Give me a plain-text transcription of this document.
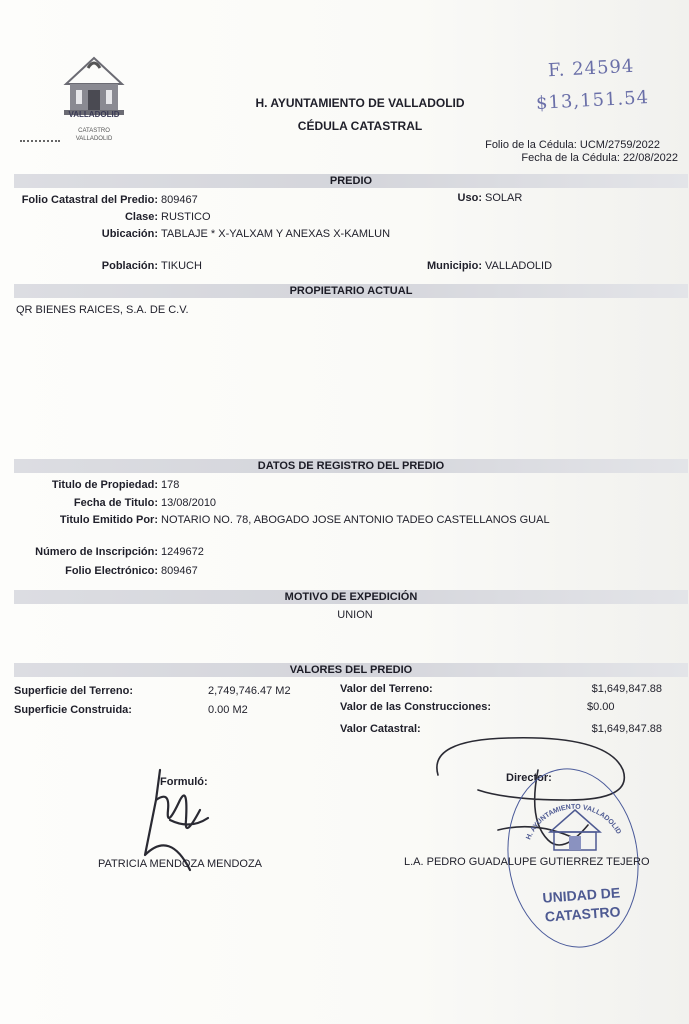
VALLADOLID
CATASTRO
VALLADOLID
H. AYUNTAMIENTO DE VALLADOLID
CÉDULA CATASTRAL
F. 24594
$13,151.54
Folio de la Cédula: UCM/2759/2022
Fecha de la Cédula: 22/08/2022
PREDIO
Folio Catastral del Predio: 809467	Uso: SOLAR
Clase: RUSTICO
Ubicación: TABLAJE * X-YALXAM Y ANEXAS X-KAMLUN
Población: TIKUCH	Municipio: VALLADOLID
PROPIETARIO ACTUAL
QR BIENES RAICES, S.A. DE C.V.
DATOS DE REGISTRO DEL PREDIO
Titulo de Propiedad: 178
Fecha de Titulo: 13/08/2010
Titulo Emitido Por: NOTARIO NO. 78, ABOGADO JOSE ANTONIO TADEO CASTELLANOS GUAL
Número de Inscripción: 1249672
Folio Electrónico: 809467
MOTIVO DE EXPEDICIÓN
UNION
VALORES DEL PREDIO
Superficie del Terreno:	2,749,746.47 M2	Valor del Terreno:	$1,649,847.88
Superficie Construida:	0.00 M2	Valor de las Construcciones:	$0.00
Valor Catastral:	$1,649,847.88
Formuló:	Director:
H. AYUNTAMIENTO VALLADOLID
UNIDAD DE
CATASTRO
PATRICIA MENDOZA MENDOZA	L.A. PEDRO GUADALUPE GUTIERREZ TEJERO
